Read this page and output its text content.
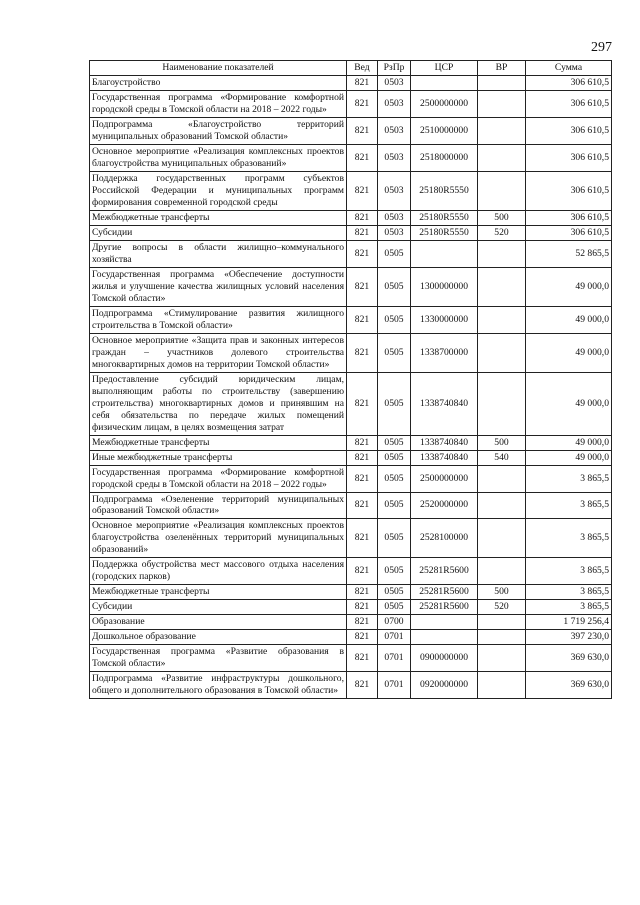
297
Наименование показателей	Вед	РзПр	ЦСР	ВР	Сумма
Благоустройство	821	0503			306 610,5
Государственная программа «Формирование комфортной городской среды в Томской области на 2018 – 2022 годы»	821	0503	2500000000		306 610,5
Подпрограмма «Благоустройство территорий муниципальных образований Томской области»	821	0503	2510000000		306 610,5
Основное мероприятие «Реализация комплексных проектов благоустройства муниципальных образований»	821	0503	2518000000		306 610,5
Поддержка государственных программ субъектов Российской Федерации и муниципальных программ формирования современной городской среды	821	0503	25180R5550		306 610,5
Межбюджетные трансферты	821	0503	25180R5550	500	306 610,5
Субсидии	821	0503	25180R5550	520	306 610,5
Другие вопросы в области жилищно–коммунального хозяйства	821	0505			52 865,5
Государственная программа «Обеспечение доступности жилья и улучшение качества жилищных условий населения Томской области»	821	0505	1300000000		49 000,0
Подпрограмма «Стимулирование развития жилищного строительства в Томской области»	821	0505	1330000000		49 000,0
Основное мероприятие «Защита прав и законных интересов граждан – участников долевого строительства многоквартирных домов на территории Томской области»	821	0505	1338700000		49 000,0
Предоставление субсидий юридическим лицам, выполняющим работы по строительству (завершению строительства) многоквартирных домов и принявшим на себя обязательства по передаче жилых помещений физическим лицам, в целях возмещения затрат	821	0505	1338740840		49 000,0
Межбюджетные трансферты	821	0505	1338740840	500	49 000,0
Иные межбюджетные трансферты	821	0505	1338740840	540	49 000,0
Государственная программа «Формирование комфортной городской среды в Томской области на 2018 – 2022 годы»	821	0505	2500000000		3 865,5
Подпрограмма «Озеленение территорий муниципальных образований Томской области»	821	0505	2520000000		3 865,5
Основное мероприятие «Реализация комплексных проектов благоустройства озеленённых территорий муниципальных образований»	821	0505	2528100000		3 865,5
Поддержка обустройства мест массового отдыха населения (городских парков)	821	0505	25281R5600		3 865,5
Межбюджетные трансферты	821	0505	25281R5600	500	3 865,5
Субсидии	821	0505	25281R5600	520	3 865,5
Образование	821	0700			1 719 256,4
Дошкольное образование	821	0701			397 230,0
Государственная программа «Развитие образования в Томской области»	821	0701	0900000000		369 630,0
Подпрограмма «Развитие инфраструктуры дошкольного, общего и дополнительного образования в Томской области»	821	0701	0920000000		369 630,0
